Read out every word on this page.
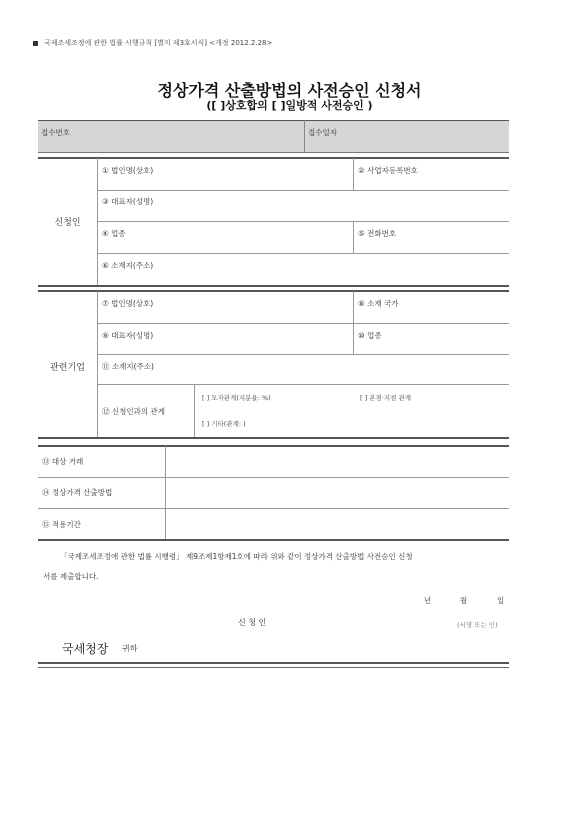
국제조세조정에 관한 법률 시행규칙 [별지 제3호서식] <개정 2012.2.28>
정상가격 산출방법의 사전승인 신청서
([ ]상호합의 [ ]일방적 사전승인 )
접수번호	접수일자
신청인
① 법인명(상호)	② 사업자등록번호
③ 대표자(성명)
④ 업종	⑤ 전화번호
⑥ 소재지(주소)
관련기업
⑦ 법인명(상호)	⑧ 소재 국가
⑨ 대표자(성명)	⑩ 업종
⑪ 소재지(주소)
⑫ 신청인과의 관계
[ ] 모자관계(지분율: %)	[ ] 본점·지점 관계
[ ] 기타(관계: )
⑬ 대상 거래
⑭ 정상가격 산출방법
⑮ 적용기간
「국제조세조정에 관한 법률 시행령」 제9조제1항제1호에 따라 위와 같이 정상가격 산출방법 사전승인 신청
서를 제출합니다.
년	월	일
신 청 인	(서명 또는 인)
국세청장 귀하
